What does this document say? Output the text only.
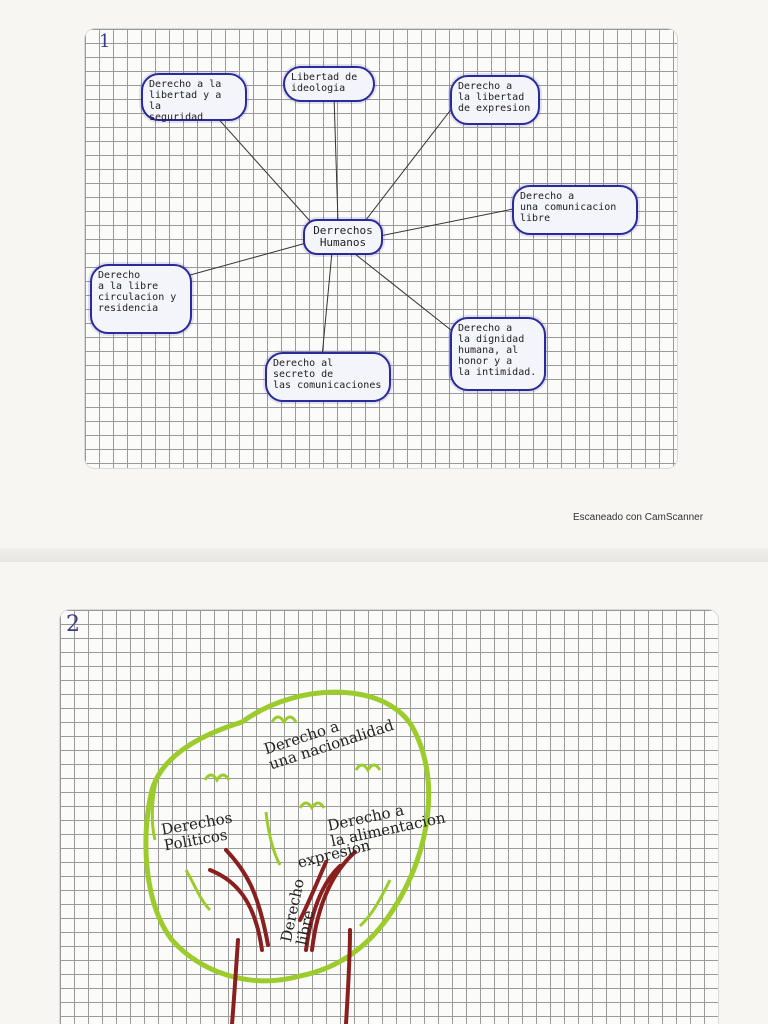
1
Derrechos
Humanos
Derecho a la
libertad y a la
seguridad
Libertad de
ideologia	Derecho a
la libertad
de expresion
Derecho a
una comunicacion
libre
Derecho
a la libre
circulacion y
residencia
Derecho al
secreto de
las comunicaciones
Derecho a
la dignidad
humana, al
honor y a
la intimidad.
Escaneado con CamScanner
2
Derecho a
una nacionalidad
Derechos
Politicos
Derecho a
la alimentacion
expresion
Derecho
libre
